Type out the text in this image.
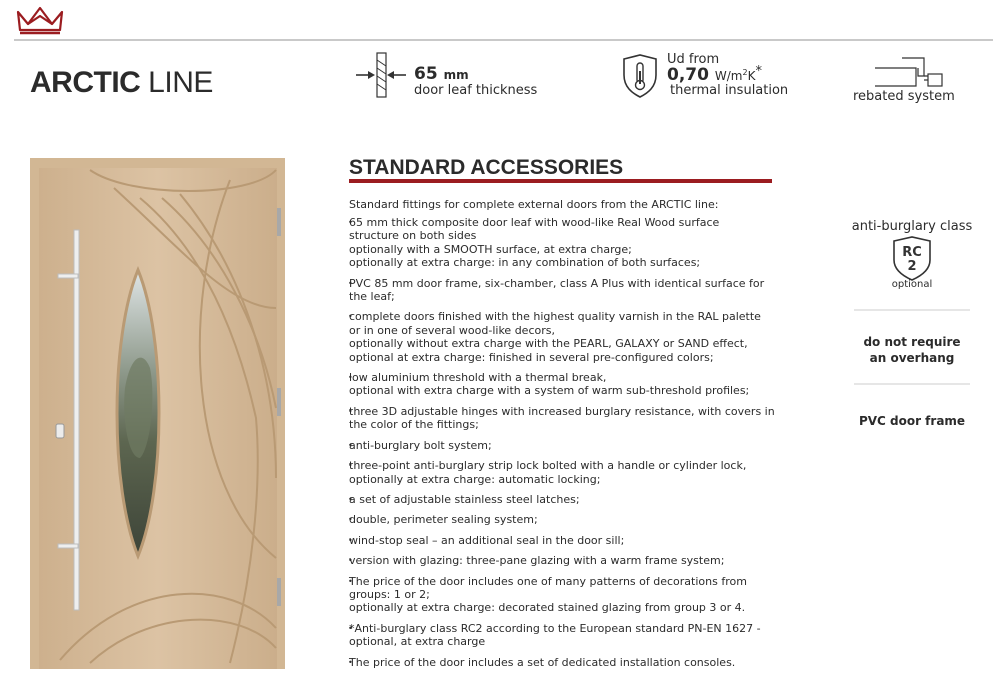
ARCTIC LINE	65 mm
door leaf thickness
Ud from
0,70 $W/m^2K^*$
thermal insulation	rebated system
STANDARD ACCESSORIES
Standard fittings for complete external doors from the ARCTIC line:
• 65 mm thick composite door leaf with wood-like Real Wood surface
structure on both sides
optionally with a SMOOTH surface, at extra charge;
optionally at extra charge: in any combination of both surfaces;
• PVC 85 mm door frame, six-chamber, class A Plus with identical surface for
the leaf;
• complete doors finished with the highest quality varnish in the RAL palette
or in one of several wood-like decors,
optionally without extra charge with the PEARL, GALAXY or SAND effect,
optional at extra charge: finished in several pre-configured colors;
• low aluminium threshold with a thermal break,
optional with extra charge with a system of warm sub-threshold profiles;
• three 3D adjustable hinges with increased burglary resistance, with covers in
the color of the fittings;
• anti-burglary bolt system;
• three-point anti-burglary strip lock bolted with a handle or cylinder lock,
optionally at extra charge: automatic locking;
• a set of adjustable stainless steel latches;
• double, perimeter sealing system;
• wind-stop seal – an additional seal in the door sill;
• version with glazing: three-pane glazing with a warm frame system;
• The price of the door includes one of many patterns of decorations from
groups: 1 or 2;
optionally at extra charge: decorated stained glazing from group 3 or 4.
• *Anti-burglary class RC2 according to the European standard PN-EN 1627 -
optional, at extra charge
• The price of the door includes a set of dedicated installation consoles.
anti-burglary class
RC
2
optional
do not require
an overhang
PVC door frame
